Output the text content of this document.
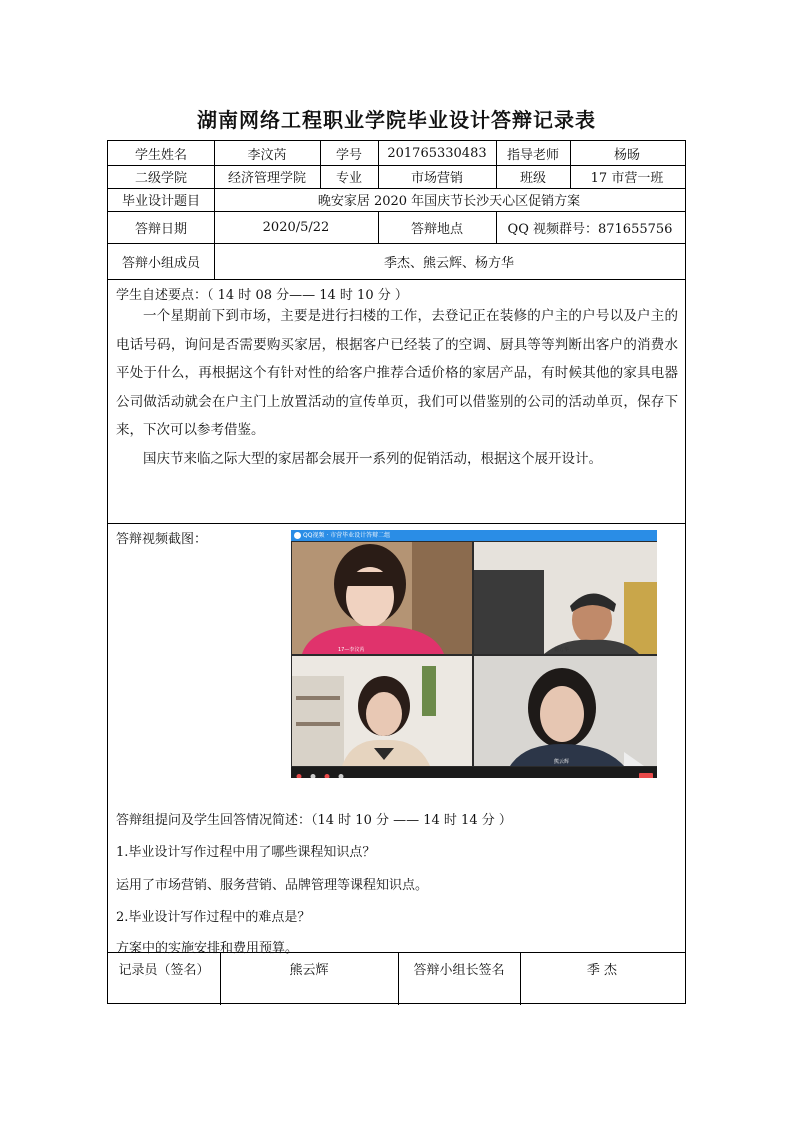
湖南网络工程职业学院毕业设计答辩记录表
学生姓名	李汶芮	学号	201765330483	指导老师	杨旸
二级学院	经济管理学院	专业	市场营销	班级	17 市营一班
毕业设计题目	晚安家居 2020 年国庆节长沙天心区促销方案
答辩日期	2020/5/22	答辩地点	QQ 视频群号：871655756
答辩小组成员	季杰、熊云辉、杨方华
学生自述要点：（ 14 时 08 分—— 14 时 10 分 ）

一个星期前下到市场，主要是进行扫楼的工作，去登记正在装修的户主的户号以及户主的电话号码，询问是否需要购买家居，根据客户已经装了的空调、厨具等等判断出客户的消费水平处于什么，再根据这个有针对性的给客户推荐合适价格的家居产品，有时候其他的家具电器公司做活动就会在户主门上放置活动的宣传单页，我们可以借鉴别的公司的活动单页，保存下来，下次可以参考借鉴。

国庆节来临之际大型的家居都会展开一系列的促销活动，根据这个展开设计。

答辩视频截图：	QQ视频 · 市营毕业设计答辩二组
17—李汶芮	杨方华
熊云辉
答辩组提问及学生回答情况简述：（14 时 10 分 —— 14 时 14 分 ）
1.毕业设计写作过程中用了哪些课程知识点？
运用了市场营销、服务营销、品牌管理等课程知识点。
2.毕业设计写作过程中的难点是？
方案中的实施安排和费用预算。
记录员（签名）	熊云辉	答辩小组长签名	季 杰
